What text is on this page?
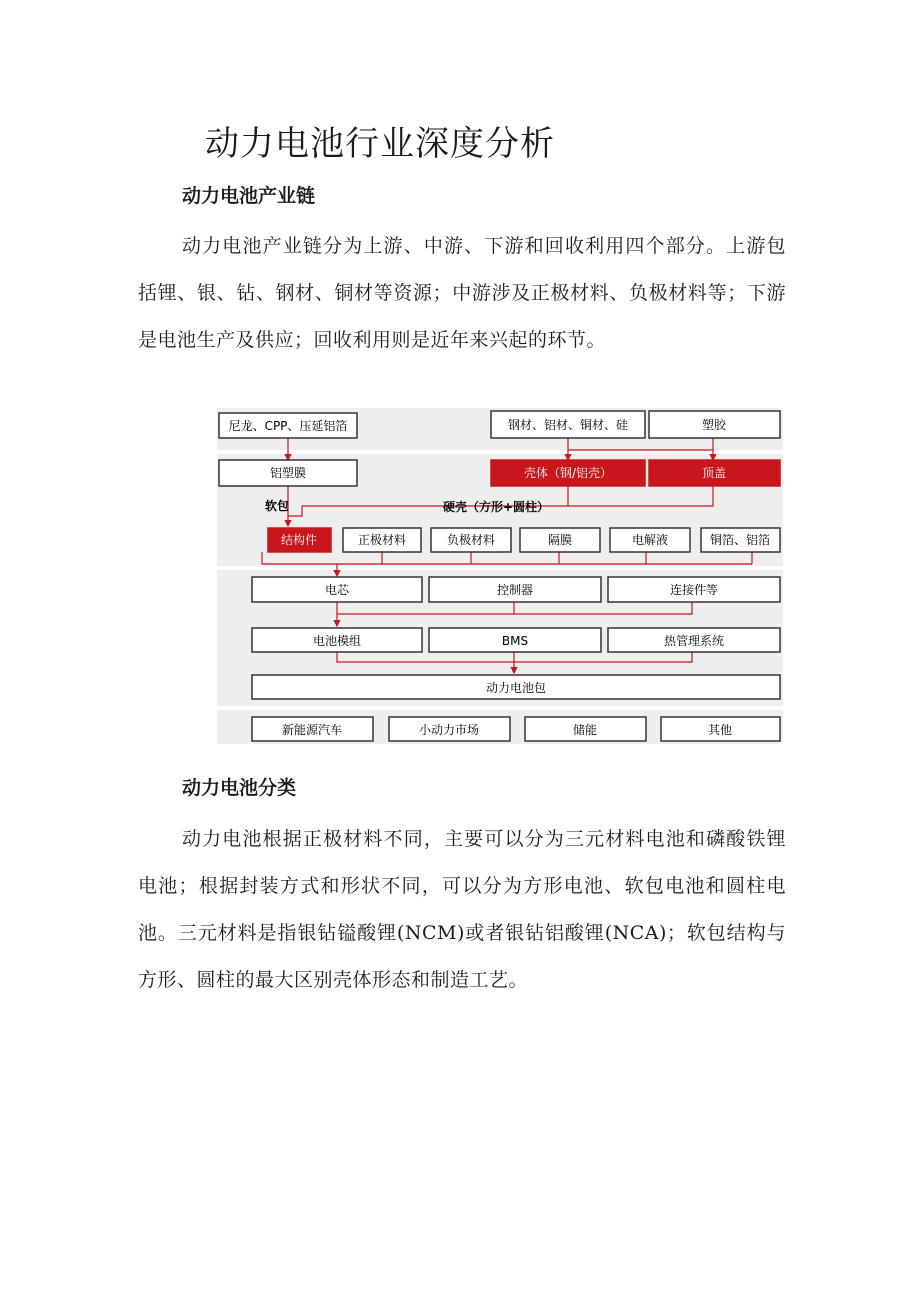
动力电池行业深度分析
动力电池产业链
动力电池产业链分为上游、中游、下游和回收利用四个部分。上游包括锂、银、钻、钢材、铜材等资源；中游涉及正极材料、负极材料等；下游是电池生产及供应；回收利用则是近年来兴起的环节。
尼龙、CPP、压延铝箔	钢材、铝材、铜材、硅	塑胶
铝塑膜	壳体（钢/铝壳）	顶盖
软包	硬壳（方形+圆柱）
结构件	正极材料	负极材料	隔膜	电解液	铜箔、铝箔
电芯	控制器	连接件等
电池模组	BMS	热管理系统
动力电池包
新能源汽车	小动力市场	储能	其他
动力电池分类
动力电池根据正极材料不同，主要可以分为三元材料电池和磷酸铁锂电池；根据封装方式和形状不同，可以分为方形电池、软包电池和圆柱电池。三元材料是指银钻镒酸锂(NCM)或者银钻铝酸锂(NCA)；软包结构与方形、圆柱的最大区别壳体形态和制造工艺。
